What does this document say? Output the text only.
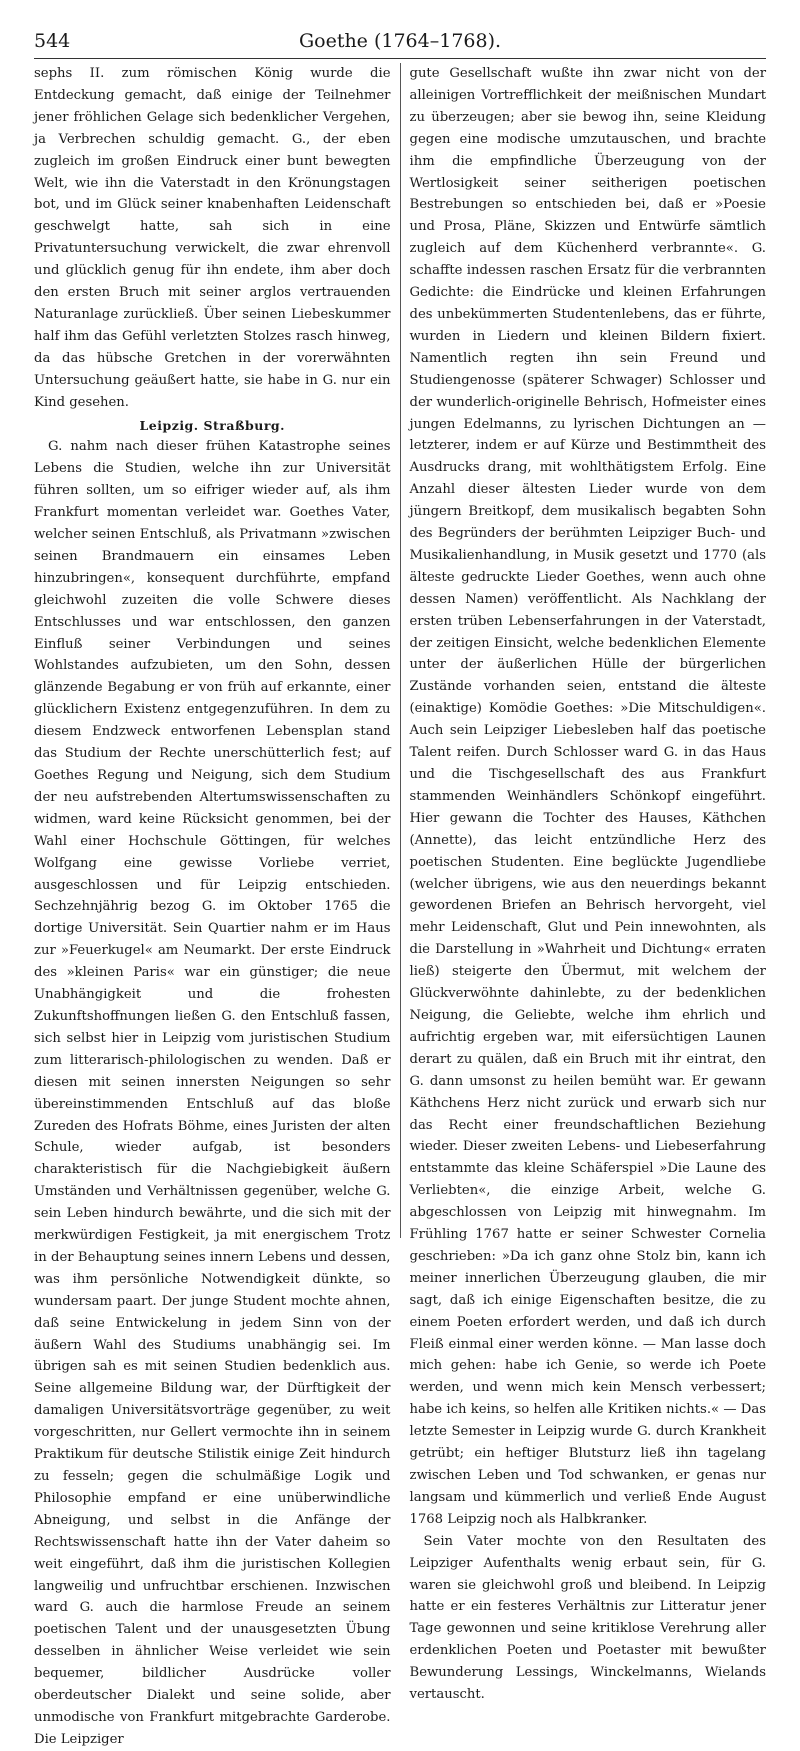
544	Goethe (1764–1768).

sephs II. zum römischen König wurde die Entdeckung gemacht, daß einige der Teilnehmer jener fröhlichen Gelage sich bedenklicher Vergehen, ja Verbrechen schuldig gemacht. G., der eben zugleich im großen Eindruck einer bunt bewegten Welt, wie ihn die Vaterstadt in den Krönungstagen bot, und im Glück seiner knabenhaften Leidenschaft geschwelgt hatte, sah sich in eine Privatuntersuchung verwickelt, die zwar ehrenvoll und glücklich genug für ihn endete, ihm aber doch den ersten Bruch mit seiner arglos vertrauenden Naturanlage zurückließ. Über seinen Liebeskummer half ihm das Gefühl verletzten Stolzes rasch hinweg, da das hübsche Gretchen in der vorerwähnten Untersuchung geäußert hatte, sie habe in G. nur ein Kind gesehen.

Leipzig. Straßburg.

G. nahm nach dieser frühen Katastrophe seines Lebens die Studien, welche ihn zur Universität führen sollten, um so eifriger wieder auf, als ihm Frankfurt momentan verleidet war. Goethes Vater, welcher seinen Entschluß, als Privatmann »zwischen seinen Brandmauern ein einsames Leben hinzubringen«, konsequent durchführte, empfand gleichwohl zuzeiten die volle Schwere dieses Entschlusses und war entschlossen, den ganzen Einfluß seiner Verbindungen und seines Wohlstandes aufzubieten, um den Sohn, dessen glänzende Begabung er von früh auf erkannte, einer glücklichern Existenz entgegenzuführen. In dem zu diesem Endzweck entworfenen Lebensplan stand das Studium der Rechte unerschütterlich fest; auf Goethes Regung und Neigung, sich dem Studium der neu aufstrebenden Altertumswissenschaften zu widmen, ward keine Rücksicht genommen, bei der Wahl einer Hochschule Göttingen, für welches Wolfgang eine gewisse Vorliebe verriet, ausgeschlossen und für Leipzig entschieden. Sechzehnjährig bezog G. im Oktober 1765 die dortige Universität. Sein Quartier nahm er im Haus zur »Feuerkugel« am Neumarkt. Der erste Eindruck des »kleinen Paris« war ein günstiger; die neue Unabhängigkeit und die frohesten Zukunftshoffnungen ließen G. den Entschluß fassen, sich selbst hier in Leipzig vom juristischen Studium zum litterarisch-philologischen zu wenden. Daß er diesen mit seinen innersten Neigungen so sehr übereinstimmenden Entschluß auf das bloße Zureden des Hofrats Böhme, eines Juristen der alten Schule, wieder aufgab, ist besonders charakteristisch für die Nachgiebigkeit äußern Umständen und Verhältnissen gegenüber, welche G. sein Leben hindurch bewährte, und die sich mit der merkwürdigen Festigkeit, ja mit energischem Trotz in der Behauptung seines innern Lebens und dessen, was ihm persönliche Notwendigkeit dünkte, so wundersam paart. Der junge Student mochte ahnen, daß seine Entwickelung in jedem Sinn von der äußern Wahl des Studiums unabhängig sei. Im übrigen sah es mit seinen Studien bedenklich aus. Seine allgemeine Bildung war, der Dürftigkeit der damaligen Universitätsvorträge gegenüber, zu weit vorgeschritten, nur Gellert vermochte ihn in seinem Praktikum für deutsche Stilistik einige Zeit hindurch zu fesseln; gegen die schulmäßige Logik und Philosophie empfand er eine unüberwindliche Abneigung, und selbst in die Anfänge der Rechtswissenschaft hatte ihn der Vater daheim so weit eingeführt, daß ihm die juristischen Kollegien langweilig und unfruchtbar erschienen. Inzwischen ward G. auch die harmlose Freude an seinem poetischen Talent und der unausgesetzten Übung desselben in ähnlicher Weise verleidet wie sein bequemer, bildlicher Ausdrücke voller oberdeutscher Dialekt und seine solide, aber unmodische von Frankfurt mitgebrachte Garderobe. Die Leipziger

gute Gesellschaft wußte ihn zwar nicht von der alleinigen Vortrefflichkeit der meißnischen Mundart zu überzeugen; aber sie bewog ihn, seine Kleidung gegen eine modische umzutauschen, und brachte ihm die empfindliche Überzeugung von der Wertlosigkeit seiner seitherigen poetischen Bestrebungen so entschieden bei, daß er »Poesie und Prosa, Pläne, Skizzen und Entwürfe sämtlich zugleich auf dem Küchenherd verbrannte«. G. schaffte indessen raschen Ersatz für die verbrannten Gedichte: die Eindrücke und kleinen Erfahrungen des unbekümmerten Studentenlebens, das er führte, wurden in Liedern und kleinen Bildern fixiert. Namentlich regten ihn sein Freund und Studiengenosse (späterer Schwager) Schlosser und der wunderlich-originelle Behrisch, Hofmeister eines jungen Edelmanns, zu lyrischen Dichtungen an — letzterer, indem er auf Kürze und Bestimmtheit des Ausdrucks drang, mit wohlthätigstem Erfolg. Eine Anzahl dieser ältesten Lieder wurde von dem jüngern Breitkopf, dem musikalisch begabten Sohn des Begründers der berühmten Leipziger Buch- und Musikalienhandlung, in Musik gesetzt und 1770 (als älteste gedruckte Lieder Goethes, wenn auch ohne dessen Namen) veröffentlicht. Als Nachklang der ersten trüben Lebenserfahrungen in der Vaterstadt, der zeitigen Einsicht, welche bedenklichen Elemente unter der äußerlichen Hülle der bürgerlichen Zustände vorhanden seien, entstand die älteste (einaktige) Komödie Goethes: »Die Mitschuldigen«. Auch sein Leipziger Liebesleben half das poetische Talent reifen. Durch Schlosser ward G. in das Haus und die Tischgesellschaft des aus Frankfurt stammenden Weinhändlers Schönkopf eingeführt. Hier gewann die Tochter des Hauses, Käthchen (Annette), das leicht entzündliche Herz des poetischen Studenten. Eine beglückte Jugendliebe (welcher übrigens, wie aus den neuerdings bekannt gewordenen Briefen an Behrisch hervorgeht, viel mehr Leidenschaft, Glut und Pein innewohnten, als die Darstellung in »Wahrheit und Dichtung« erraten ließ) steigerte den Übermut, mit welchem der Glückverwöhnte dahinlebte, zu der bedenklichen Neigung, die Geliebte, welche ihm ehrlich und aufrichtig ergeben war, mit eifersüchtigen Launen derart zu quälen, daß ein Bruch mit ihr eintrat, den G. dann umsonst zu heilen bemüht war. Er gewann Käthchens Herz nicht zurück und erwarb sich nur das Recht einer freundschaftlichen Beziehung wieder. Dieser zweiten Lebens- und Liebeserfahrung entstammte das kleine Schäferspiel »Die Laune des Verliebten«, die einzige Arbeit, welche G. abgeschlossen von Leipzig mit hinwegnahm. Im Frühling 1767 hatte er seiner Schwester Cornelia geschrieben: »Da ich ganz ohne Stolz bin, kann ich meiner innerlichen Überzeugung glauben, die mir sagt, daß ich einige Eigenschaften besitze, die zu einem Poeten erfordert werden, und daß ich durch Fleiß einmal einer werden könne. — Man lasse doch mich gehen: habe ich Genie, so werde ich Poete werden, und wenn mich kein Mensch verbessert; habe ich keins, so helfen alle Kritiken nichts.« — Das letzte Semester in Leipzig wurde G. durch Krankheit getrübt; ein heftiger Blutsturz ließ ihn tagelang zwischen Leben und Tod schwanken, er genas nur langsam und kümmerlich und verließ Ende August 1768 Leipzig noch als Halbkranker.

Sein Vater mochte von den Resultaten des Leipziger Aufenthalts wenig erbaut sein, für G. waren sie gleichwohl groß und bleibend. In Leipzig hatte er ein festeres Verhältnis zur Litteratur jener Tage gewonnen und seine kritiklose Verehrung aller erdenklichen Poeten und Poetaster mit bewußter Bewunderung Lessings, Winckelmanns, Wielands vertauscht.
